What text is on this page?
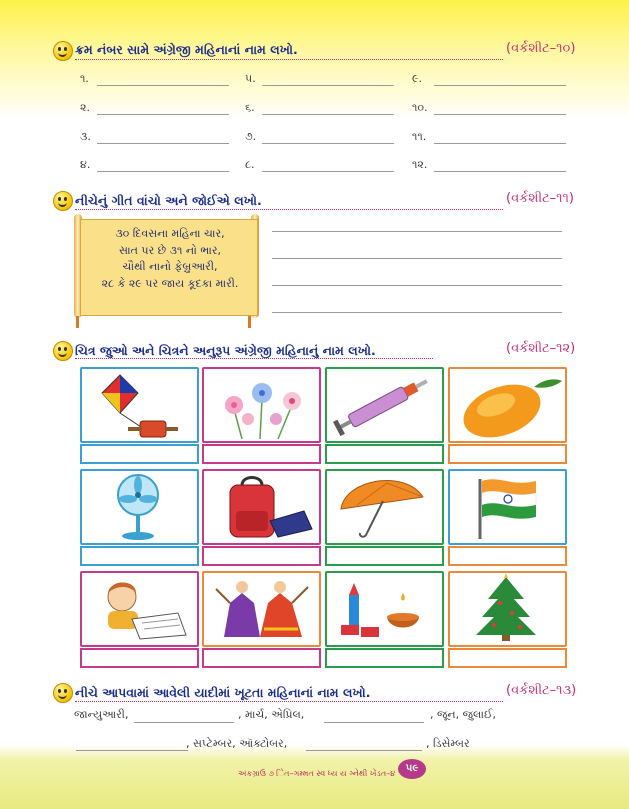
ક્રમ નંબર સામે અંગ્રેજી મહિનાનાં નામ લખો.	(વર્કશીટ–૧૦)
૧.
૨.
૩.
૪.
૫.
૬.
૭.
૮.
૯.
૧૦.
૧૧.
૧૨.
નીચેનું ગીત વાંચો અને જોઈએ લખો.	(વર્કશીટ–૧૧)
૩૦ દિવસના મહિના ચાર,
સાત પર છે ૩૧ નો ભાર,
ચૌથી નાનો ફેબ્રુઆરી,
૨૮ કે ૨૯ પર જાય કૂદકા મારી.
ચિત્ર જુઓ અને ચિત્રને અનુરૂપ અંગ્રેજી મહિનાનું નામ લખો.	(વર્કશીટ–૧૨)
નીચે આપવામાં આવેલી યાદીમાં ખૂટતા મહિનાનાં નામ લખો.	(વર્કશીટ–૧૩)
જાન્યુઆરી,	, માર્ચ, એપ્રિલ,	, જૂન, જુલાઈ,
, સપ્ટેમ્બર, ઑક્ટોબર,	, ડિસેમ્બર
અંકગ્રાઉ ૭ િેત–ગમ્મત સ્વ ધ્ય ય ગ્નેથી ખેંડત–૪	૫૯
